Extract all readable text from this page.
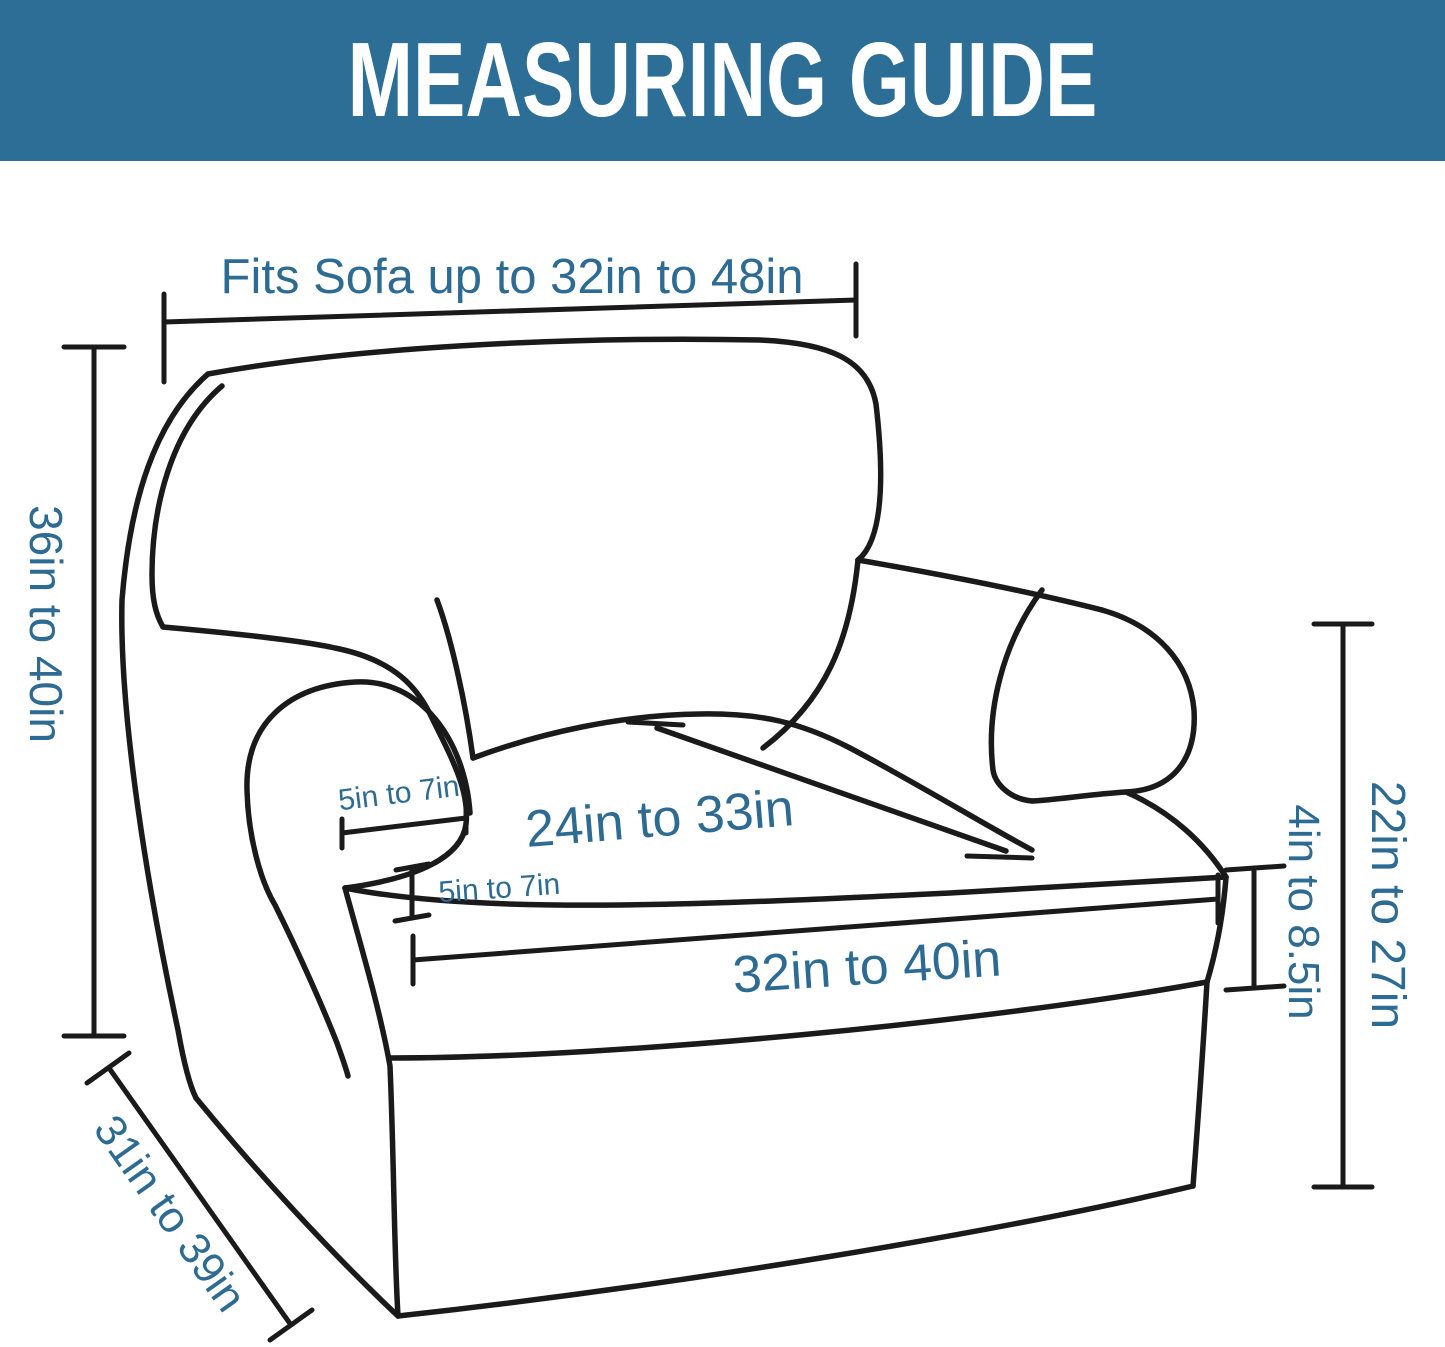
MEASURING GUIDE
Fits Sofa up to 32in to 48in
36in to 40in
31in to 39in
5in to 7in 24in to 33in
5in to 7in
32in to 40in	4in to 8.5in 22in to 27in
